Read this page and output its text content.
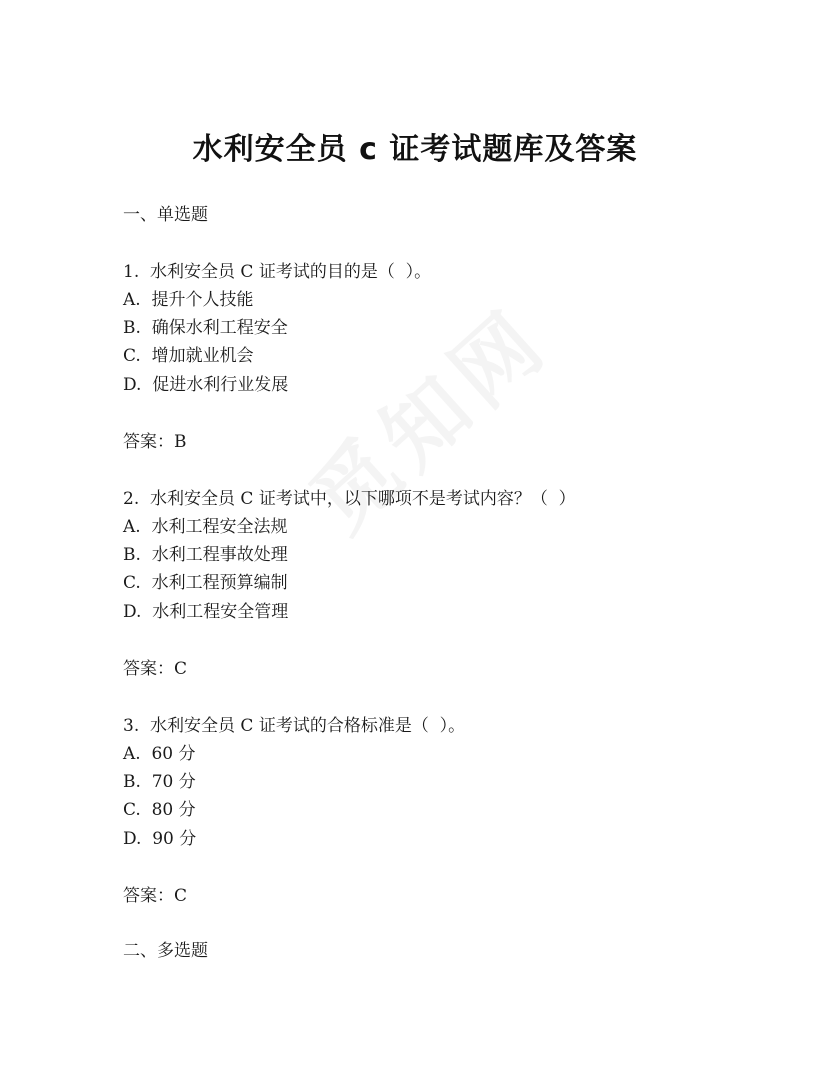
水利安全员 c 证考试题库及答案
一、单选题
1.  水利安全员 C 证考试的目的是（  ）。
A.  提升个人技能
B.  确保水利工程安全
C.  增加就业机会
D.  促进水利行业发展
答案：B
2.  水利安全员 C 证考试中，以下哪项不是考试内容？（  ）
A.  水利工程安全法规
B.  水利工程事故处理
C.  水利工程预算编制
D.  水利工程安全管理
答案：C
3.  水利安全员 C 证考试的合格标准是（  ）。
A.  60 分
B.  70 分
C.  80 分
D.  90 分
答案：C
二、多选题
